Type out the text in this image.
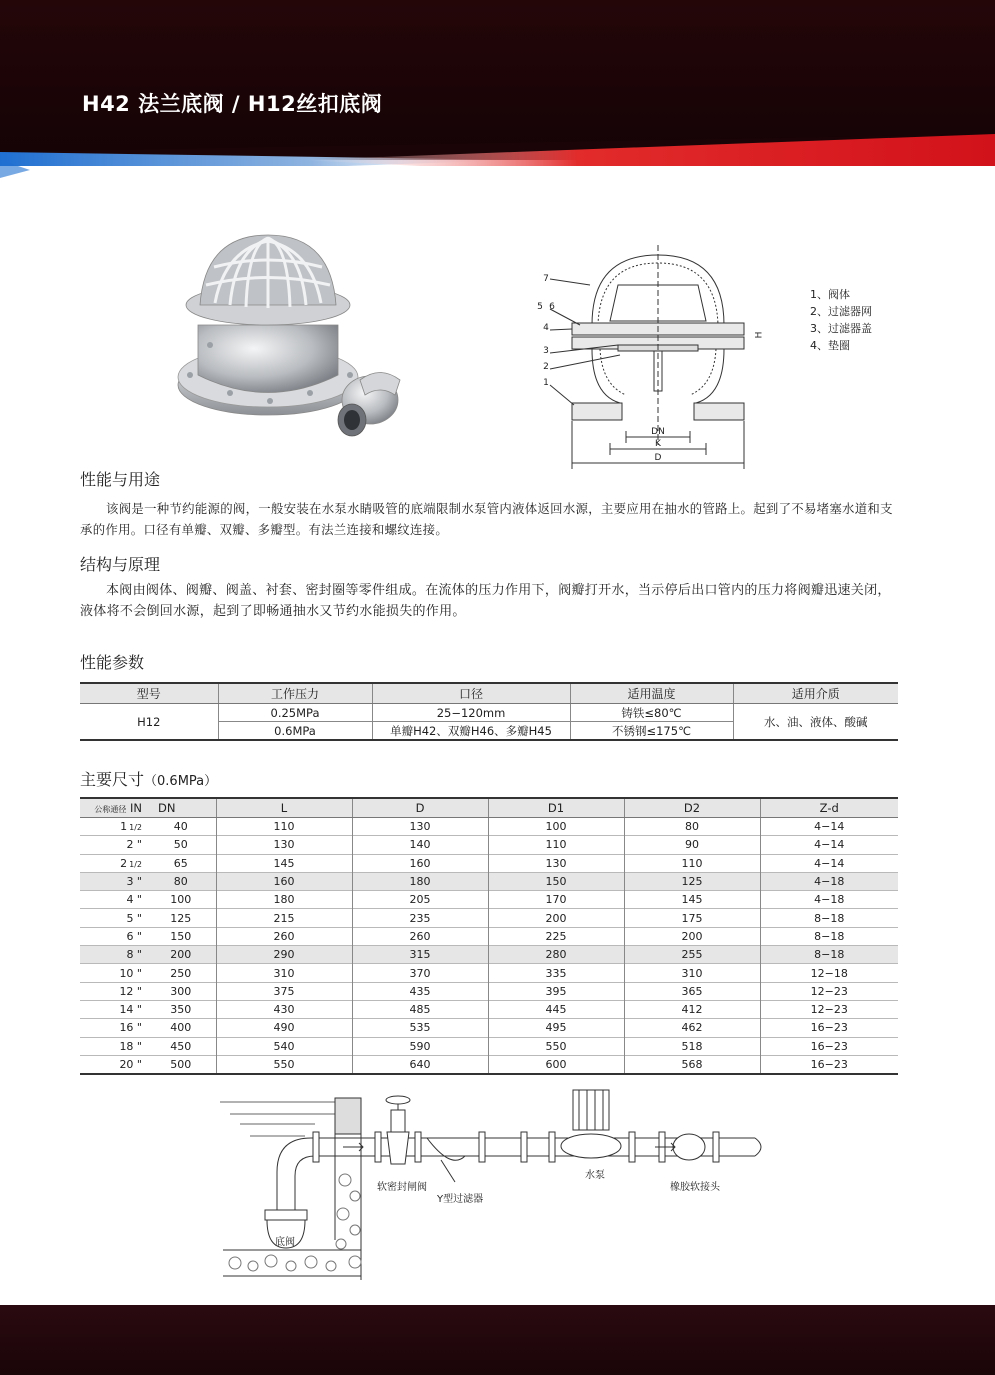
H42 法兰底阀 / H12丝扣底阀
7
5 6
4
3
2
1
DN
K
D
H
1、阀体
2、过滤器网
3、过滤器盖
4、垫圈
性能与用途

该阀是一种节约能源的阀，一般安装在水泵水睛吸管的底端限制水泵管内液体返回水源，主要应用在抽水的管路上。起到了不易堵塞水道和支承的作用。口径有单瓣、双瓣、多瓣型。有法兰连接和螺纹连接。

结构与原理

本阀由阀体、阀瓣、阀盖、衬套、密封圈等零件组成。在流体的压力作用下，阀瓣打开水，当示停后出口管内的压力将阀瓣迅速关闭，液体将不会倒回水源，起到了即畅通抽水又节约水能损失的作用。

性能参数
型号	工作压力	口径	适用温度	适用介质
H12	0.25MPa	25−120mm	铸铁≤80℃	水、油、液体、酸碱
	0.6MPa	单瓣H42、双瓣H46、多瓣H45	不锈钢≤175℃	
主要尺寸（0.6MPa）
公称通径 IN	DN	L	D	D1	D2	Z-d
1 1/2	40	110	130	100	80	4−14
2 "	50	130	140	110	90	4−14
2 1/2	65	145	160	130	110	4−14
3 "	80	160	180	150	125	4−18
4 "	100	180	205	170	145	4−18
5 "	125	215	235	200	175	8−18
6 "	150	260	260	225	200	8−18
8 "	200	290	315	280	255	8−18
10 "	250	310	370	335	310	12−18
12 "	300	375	435	395	365	12−23
14 "	350	430	485	445	412	12−23
16 "	400	490	535	495	462	16−23
18 "	450	540	590	550	518	16−23
20 "	500	550	640	600	568	16−23
软密封闸阀
Y型过滤器
水泵
橡胶软接头
底阀
